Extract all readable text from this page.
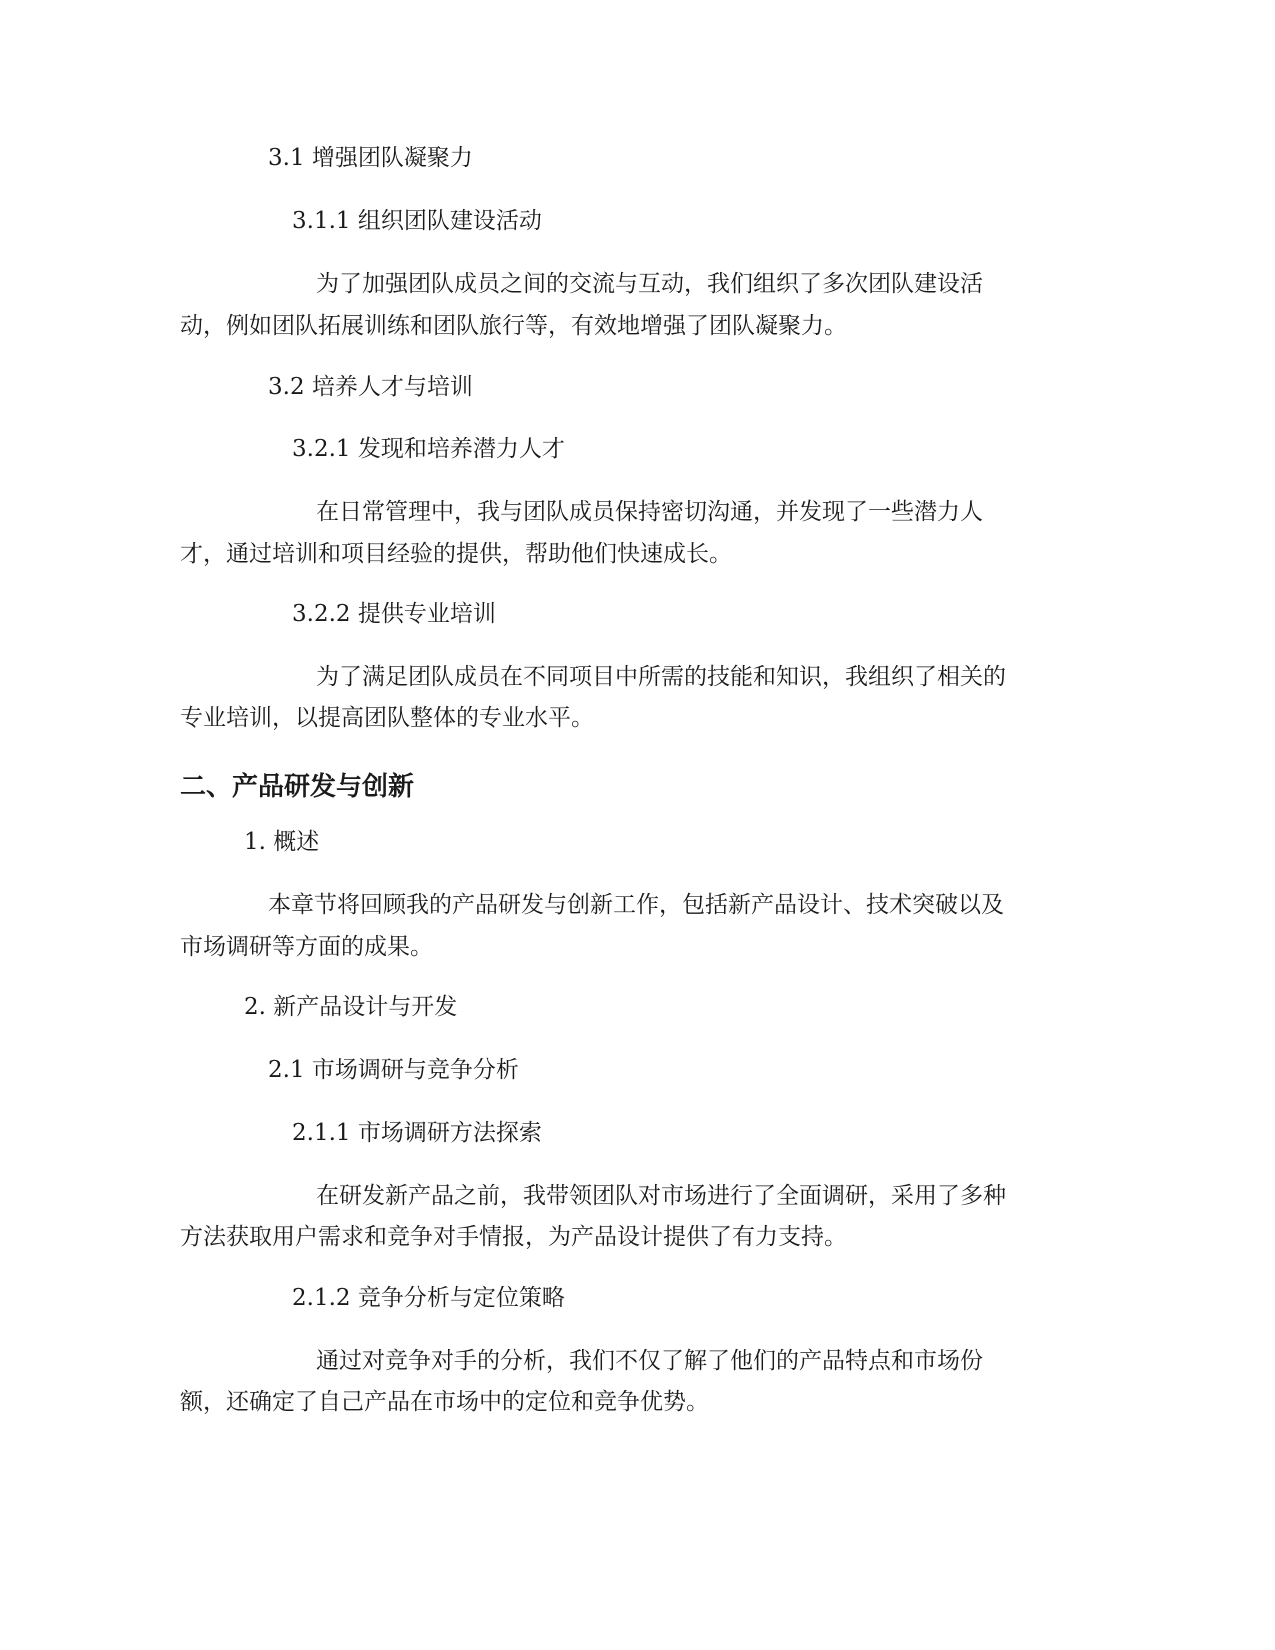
3.1 增强团队凝聚力

3.1.1 组织团队建设活动

为了加强团队成员之间的交流与互动，我们组织了多次团队建设活

动，例如团队拓展训练和团队旅行等，有效地增强了团队凝聚力。

3.2 培养人才与培训

3.2.1 发现和培养潜力人才

在日常管理中，我与团队成员保持密切沟通，并发现了一些潜力人

才，通过培训和项目经验的提供，帮助他们快速成长。

3.2.2 提供专业培训

为了满足团队成员在不同项目中所需的技能和知识，我组织了相关的

专业培训，以提高团队整体的专业水平。

二、产品研发与创新

1. 概述

本章节将回顾我的产品研发与创新工作，包括新产品设计、技术突破以及

市场调研等方面的成果。

2. 新产品设计与开发

2.1 市场调研与竞争分析

2.1.1 市场调研方法探索

在研发新产品之前，我带领团队对市场进行了全面调研，采用了多种

方法获取用户需求和竞争对手情报，为产品设计提供了有力支持。

2.1.2 竞争分析与定位策略

通过对竞争对手的分析，我们不仅了解了他们的产品特点和市场份

额，还确定了自己产品在市场中的定位和竞争优势。
